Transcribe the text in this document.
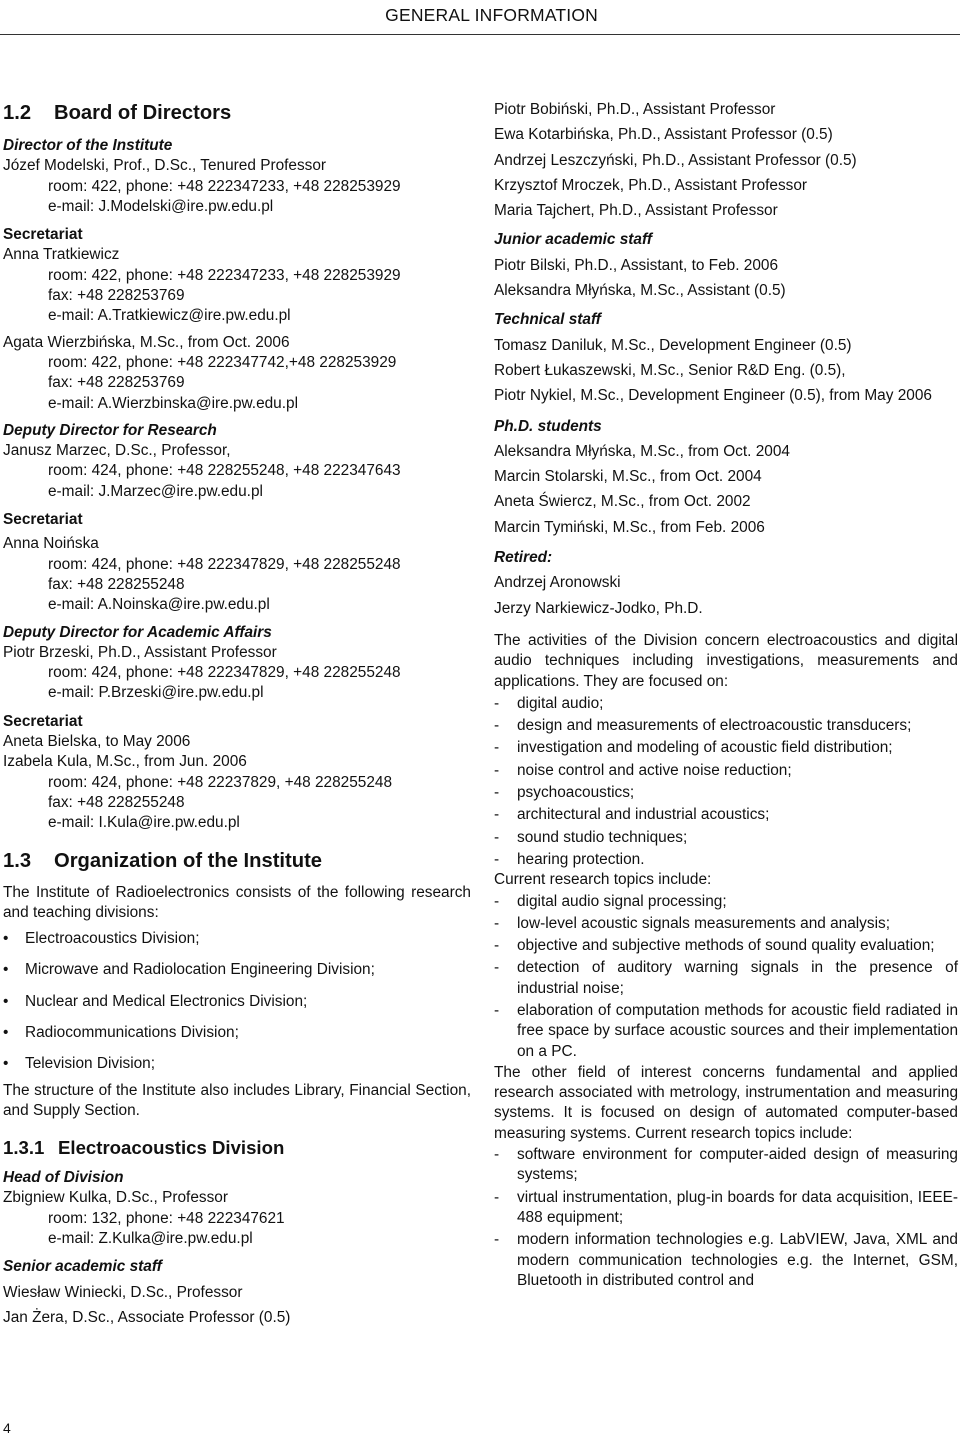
GENERAL INFORMATION
1.2 Board of Directors
Director of the Institute
Józef Modelski, Prof., D.Sc., Tenured Professor
room: 422, phone: +48 222347233, +48 228253929
e-mail: J.Modelski@ire.pw.edu.pl
Secretariat
Anna Tratkiewicz
room: 422, phone: +48 222347233, +48 228253929
fax: +48 228253769
e-mail: A.Tratkiewicz@ire.pw.edu.pl
Agata Wierzbińska, M.Sc., from Oct. 2006
room: 422, phone: +48 222347742,+48 228253929
fax: +48 228253769
e-mail: A.Wierzbinska@ire.pw.edu.pl
Deputy Director for Research
Janusz Marzec, D.Sc., Professor,
room: 424, phone: +48 228255248, +48 222347643
e-mail: J.Marzec@ire.pw.edu.pl
Secretariat
Anna Noińska
room: 424, phone: +48 222347829, +48 228255248
fax: +48 228255248
e-mail: A.Noinska@ire.pw.edu.pl
Deputy Director for Academic Affairs
Piotr Brzeski, Ph.D., Assistant Professor
room: 424, phone: +48 222347829, +48 228255248
e-mail: P.Brzeski@ire.pw.edu.pl
Secretariat
Aneta Bielska, to May 2006
Izabela Kula, M.Sc., from Jun. 2006
room: 424, phone: +48 22237829, +48 228255248
fax: +48 228255248
e-mail: I.Kula@ire.pw.edu.pl
1.3 Organization of the Institute
The Institute of Radioelectronics consists of the following research and teaching divisions:
•	Electroacoustics Division;
•	Microwave and Radiolocation Engineering Division;
•	Nuclear and Medical Electronics Division;
•	Radiocommunications Division;
•	Television Division;
The structure of the Institute also includes Library, Financial Section, and Supply Section.
1.3.1 Electroacoustics Division
Head of Division
Zbigniew Kulka, D.Sc., Professor
room: 132, phone: +48 222347621
e-mail: Z.Kulka@ire.pw.edu.pl
Senior academic staff
Wiesław Winiecki, D.Sc., Professor
Jan Żera, D.Sc., Associate Professor (0.5)
Piotr Bobiński, Ph.D., Assistant Professor
Ewa Kotarbińska, Ph.D., Assistant Professor (0.5)
Andrzej Leszczyński, Ph.D., Assistant Professor (0.5)
Krzysztof Mroczek, Ph.D., Assistant Professor
Maria Tajchert, Ph.D., Assistant Professor
Junior academic staff
Piotr Bilski, Ph.D., Assistant, to Feb. 2006
Aleksandra Młyńska, M.Sc., Assistant (0.5)
Technical staff
Tomasz Daniluk, M.Sc., Development Engineer (0.5)
Robert Łukaszewski, M.Sc., Senior R&D Eng. (0.5),
Piotr Nykiel, M.Sc., Development Engineer (0.5), from May 2006
Ph.D. students
Aleksandra Młyńska, M.Sc., from Oct. 2004
Marcin Stolarski, M.Sc., from Oct. 2004
Aneta Świercz, M.Sc., from Oct. 2002
Marcin Tymiński, M.Sc., from Feb. 2006
Retired:
Andrzej Aronowski
Jerzy Narkiewicz-Jodko, Ph.D.
The activities of the Division concern electroacoustics and digital audio techniques including investigations, measurements and applications. They are focused on:
-	digital audio;
-	design and measurements of electroacoustic transducers;
-	investigation and modeling of acoustic field distribution;
-	noise control and active noise reduction;
-	psychoacoustics;
-	architectural and industrial acoustics;
-	sound studio techniques;
-	hearing protection.
Current research topics include:
-	digital audio signal processing;
-	low-level acoustic signals measurements and analysis;
-	objective and subjective methods of sound quality evaluation;
-	detection of auditory warning signals in the presence of industrial noise;
-	elaboration of computation methods for acoustic field radiated in free space by surface acoustic sources and their implementation on a PC.
The other field of interest concerns fundamental and applied research associated with metrology, instrumentation and measuring systems. It is focused on design of automated computer-based measuring systems. Current research topics include:
-	software environment for computer-aided design of measuring systems;
-	virtual instrumentation, plug-in boards for data acquisition, IEEE-488 equipment;
-	modern information technologies e.g. LabVIEW, Java, XML and modern communication technologies e.g. the Internet, GSM, Bluetooth in distributed control and
4
